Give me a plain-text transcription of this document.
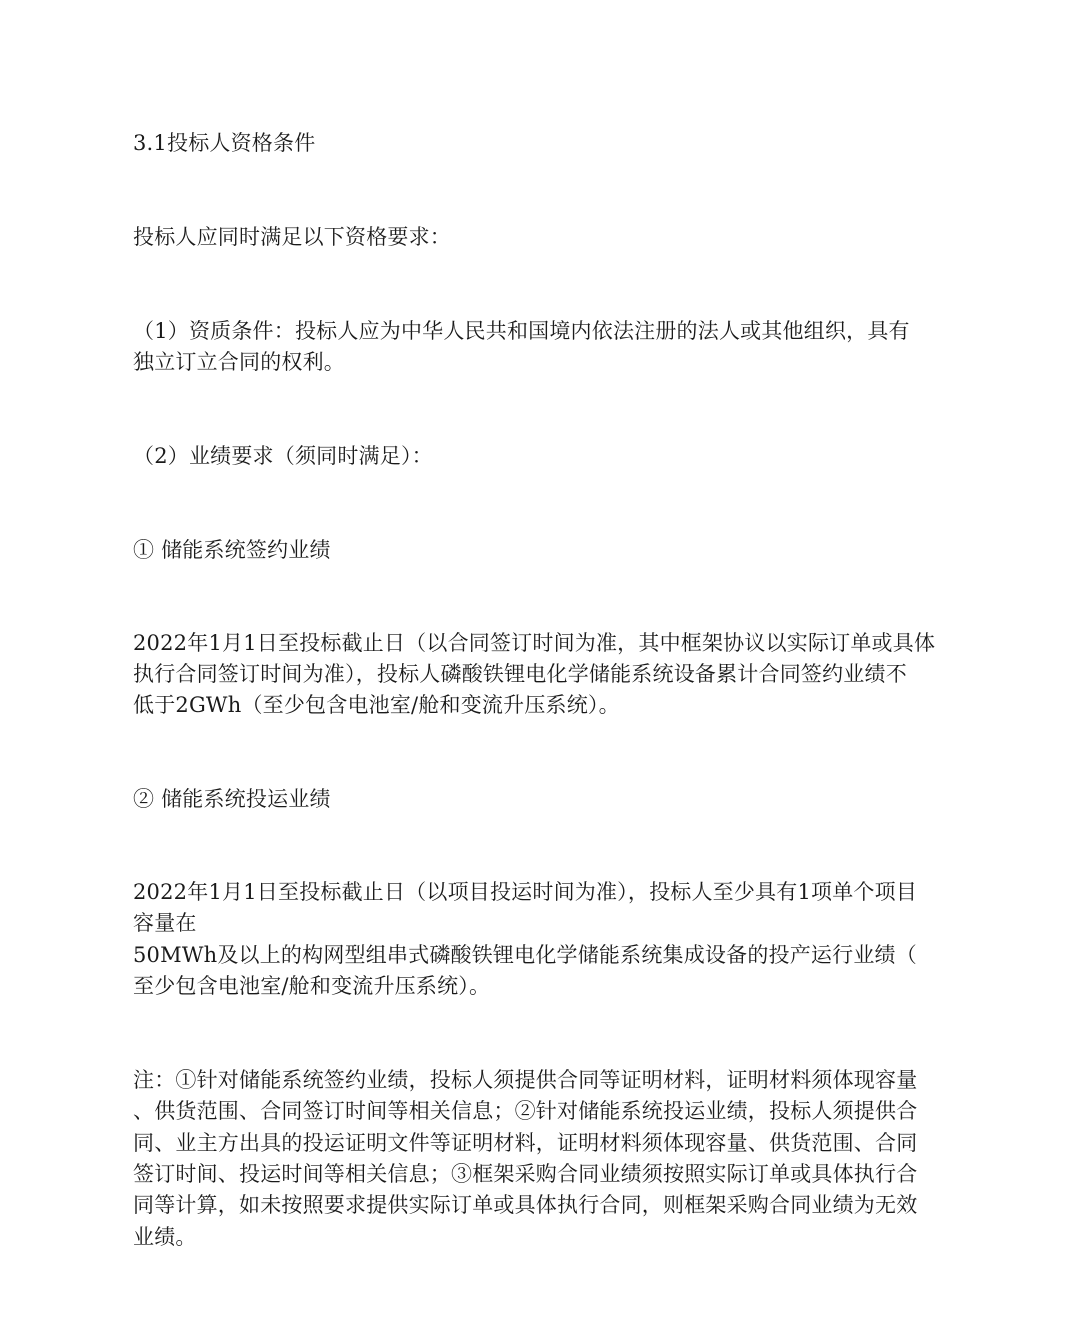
3.1投标人资格条件
投标人应同时满足以下资格要求：
（1）资质条件：投标人应为中华人民共和国境内依法注册的法人或其他组织，具有
独立订立合同的权利。
（2）业绩要求（须同时满足）：
① 储能系统签约业绩
2022年1月1日至投标截止日（以合同签订时间为准，其中框架协议以实际订单或具体
执行合同签订时间为准），投标人磷酸铁锂电化学储能系统设备累计合同签约业绩不
低于2GWh（至少包含电池室/舱和变流升压系统）。
② 储能系统投运业绩
2022年1月1日至投标截止日（以项目投运时间为准），投标人至少具有1项单个项目
容量在
50MWh及以上的构网型组串式磷酸铁锂电化学储能系统集成设备的投产运行业绩（
至少包含电池室/舱和变流升压系统）。
注：①针对储能系统签约业绩，投标人须提供合同等证明材料，证明材料须体现容量
、供货范围、合同签订时间等相关信息；②针对储能系统投运业绩，投标人须提供合
同、业主方出具的投运证明文件等证明材料，证明材料须体现容量、供货范围、合同
签订时间、投运时间等相关信息；③框架采购合同业绩须按照实际订单或具体执行合
同等计算，如未按照要求提供实际订单或具体执行合同，则框架采购合同业绩为无效
业绩。
